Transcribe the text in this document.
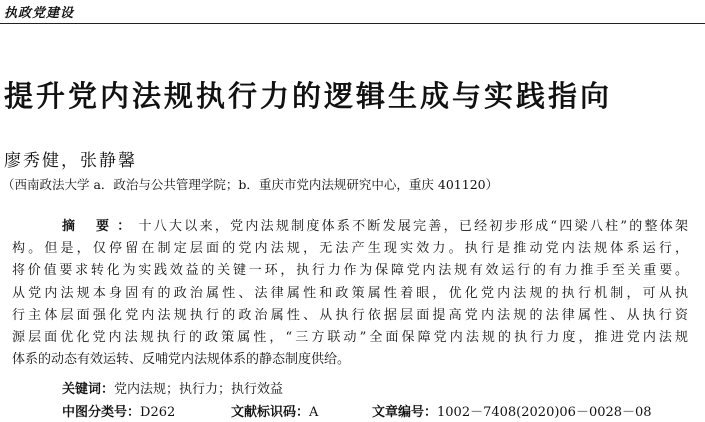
执政党建设
提升党内法规执行力的逻辑生成与实践指向
廖秀健，张静馨
（西南政法大学 a．政治与公共管理学院；b．重庆市党内法规研究中心，重庆 401120）

摘 要：十八大以来，党内法规制度体系不断发展完善，已经初步形成“四梁八柱”的整体架

构。但是，仅停留在制定层面的党内法规，无法产生现实效力。执行是推动党内法规体系运行，

将价值要求转化为实践效益的关键一环，执行力作为保障党内法规有效运行的有力推手至关重要。

从党内法规本身固有的政治属性、法律属性和政策属性着眼，优化党内法规的执行机制，可从执

行主体层面强化党内法规执行的政治属性、从执行依据层面提高党内法规的法律属性、从执行资

源层面优化党内法规执行的政策属性，“三方联动”全面保障党内法规的执行力度，推进党内法规

体系的动态有效运转、反哺党内法规体系的静态制度供给。

关键词：党内法规；执行力；执行效益
中图分类号：D262	文献标识码：A	文章编号：1002－7408(2020)06－0028－08
